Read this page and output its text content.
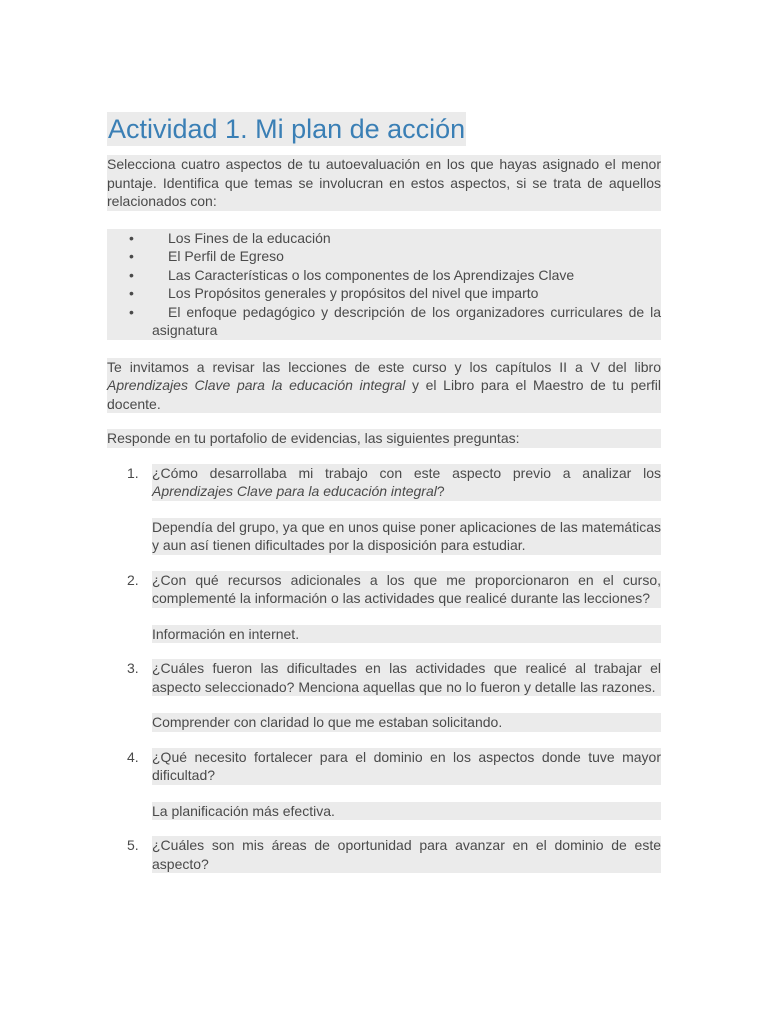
Actividad 1. Mi plan de acción

Selecciona cuatro aspectos de tu autoevaluación en los que hayas asignado el menor puntaje. Identifica que temas se involucran en estos aspectos, si se trata de aquellos relacionados con:

• Los Fines de la educación
• El Perfil de Egreso
• Las Características o los componentes de los Aprendizajes Clave
• Los Propósitos generales y propósitos del nivel que imparto
•	El enfoque pedagógico y descripción de los organizadores curriculares de la asignatura

Te invitamos a revisar las lecciones de este curso y los capítulos II a V del libro Aprendizajes Clave para la educación integral y el Libro para el Maestro de tu perfil docente.

Responde en tu portafolio de evidencias, las siguientes preguntas:

1. ¿Cómo desarrollaba mi trabajo con este aspecto previo a analizar los Aprendizajes Clave para la educación integral?

Dependía del grupo, ya que en unos quise poner aplicaciones de las matemáticas y aun así tienen dificultades por la disposición para estudiar.

2. ¿Con qué recursos adicionales a los que me proporcionaron en el curso, complementé la información o las actividades que realicé durante las lecciones?

Información en internet.

3. ¿Cuáles fueron las dificultades en las actividades que realicé al trabajar el aspecto seleccionado? Menciona aquellas que no lo fueron y detalle las razones.

Comprender con claridad lo que me estaban solicitando.

4. ¿Qué necesito fortalecer para el dominio en los aspectos donde tuve mayor dificultad?

La planificación más efectiva.

5. ¿Cuáles son mis áreas de oportunidad para avanzar en el dominio de este aspecto?
